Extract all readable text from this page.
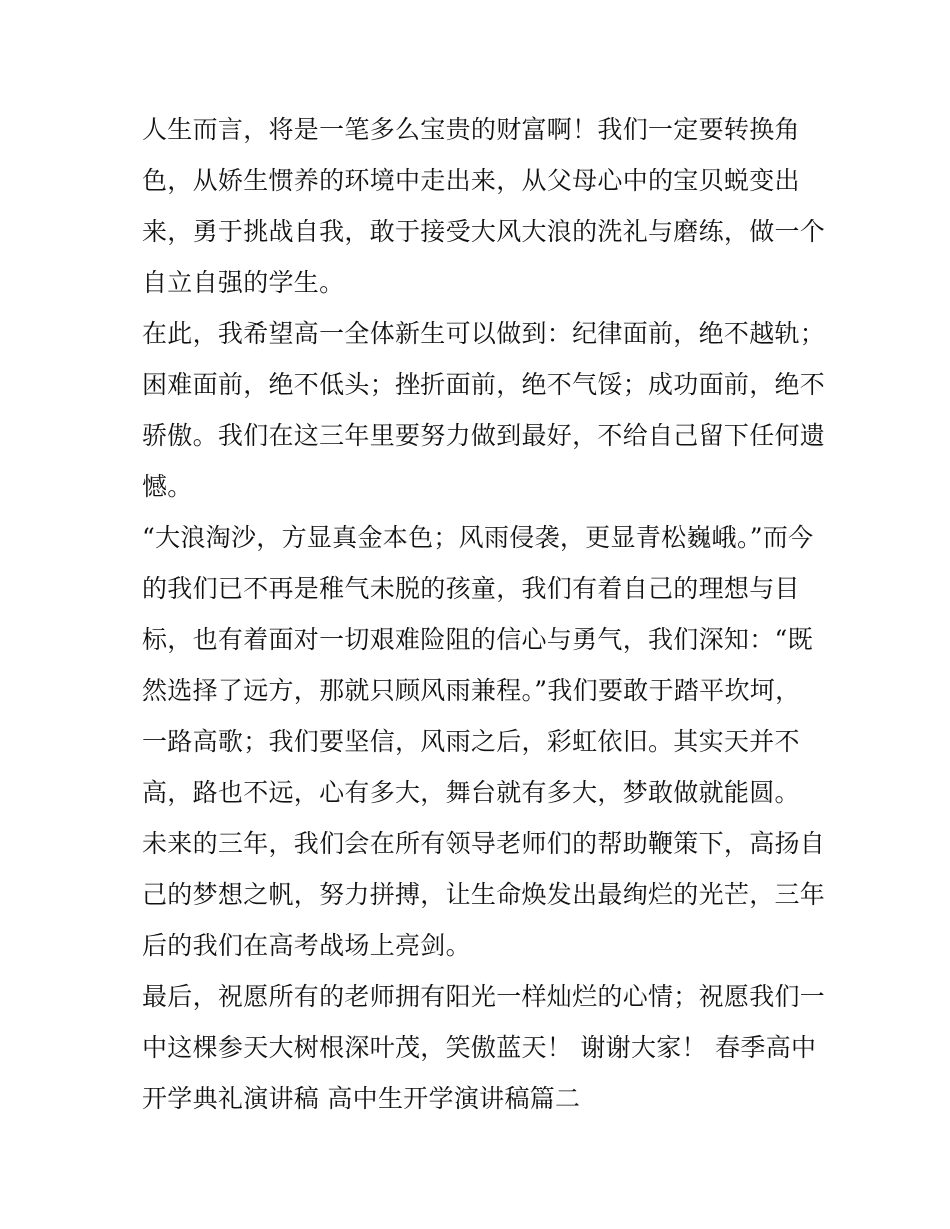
人生而言，将是一笔多么宝贵的财富啊！我们一定要转换角
色，从娇生惯养的环境中走出来，从父母心中的宝贝蜕变出
来，勇于挑战自我，敢于接受大风大浪的洗礼与磨练，做一个
自立自强的学生。
在此，我希望高一全体新生可以做到：纪律面前，绝不越轨；
困难面前，绝不低头；挫折面前，绝不气馁；成功面前，绝不
骄傲。我们在这三年里要努力做到最好，不给自己留下任何遗
憾。
“大浪淘沙，方显真金本色；风雨侵袭，更显青松巍峨。”而今
的我们已不再是稚气未脱的孩童，我们有着自己的理想与目
标，也有着面对一切艰难险阻的信心与勇气，我们深知：“既
然选择了远方，那就只顾风雨兼程。”我们要敢于踏平坎坷，
一路高歌；我们要坚信，风雨之后，彩虹依旧。其实天并不
高，路也不远，心有多大，舞台就有多大，梦敢做就能圆。
未来的三年，我们会在所有领导老师们的帮助鞭策下，高扬自
己的梦想之帆，努力拼搏，让生命焕发出最绚烂的光芒，三年
后的我们在高考战场上亮剑。
最后，祝愿所有的老师拥有阳光一样灿烂的心情；祝愿我们一
中这棵参天大树根深叶茂，笑傲蓝天！ 谢谢大家！ 春季高中
开学典礼演讲稿 高中生开学演讲稿篇二
